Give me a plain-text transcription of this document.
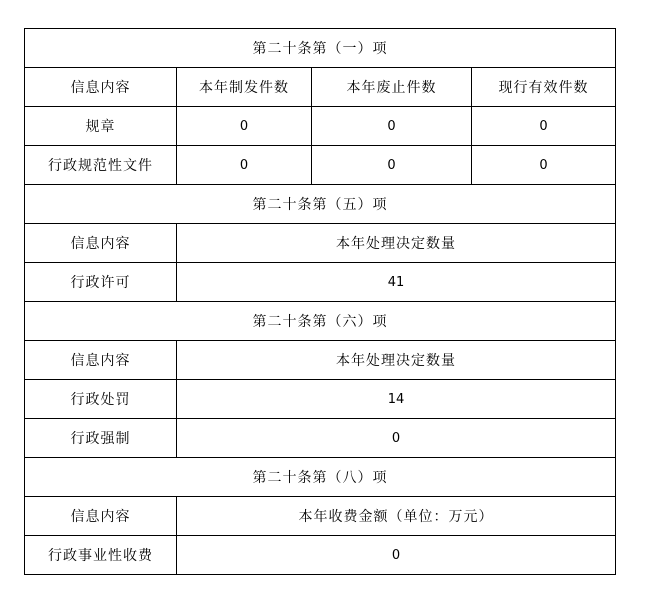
第二十条第（一）项			
信息内容	本年制发件数	本年废止件数	现行有效件数
规章	0	0	0
行政规范性文件	0	0	0
第二十条第（五）项			
信息内容	本年处理决定数量		
行政许可	41		
第二十条第（六）项			
信息内容	本年处理决定数量		
行政处罚	14		
行政强制	0		
第二十条第（八）项			
信息内容	本年收费金额（单位：万元）		
行政事业性收费	0		
